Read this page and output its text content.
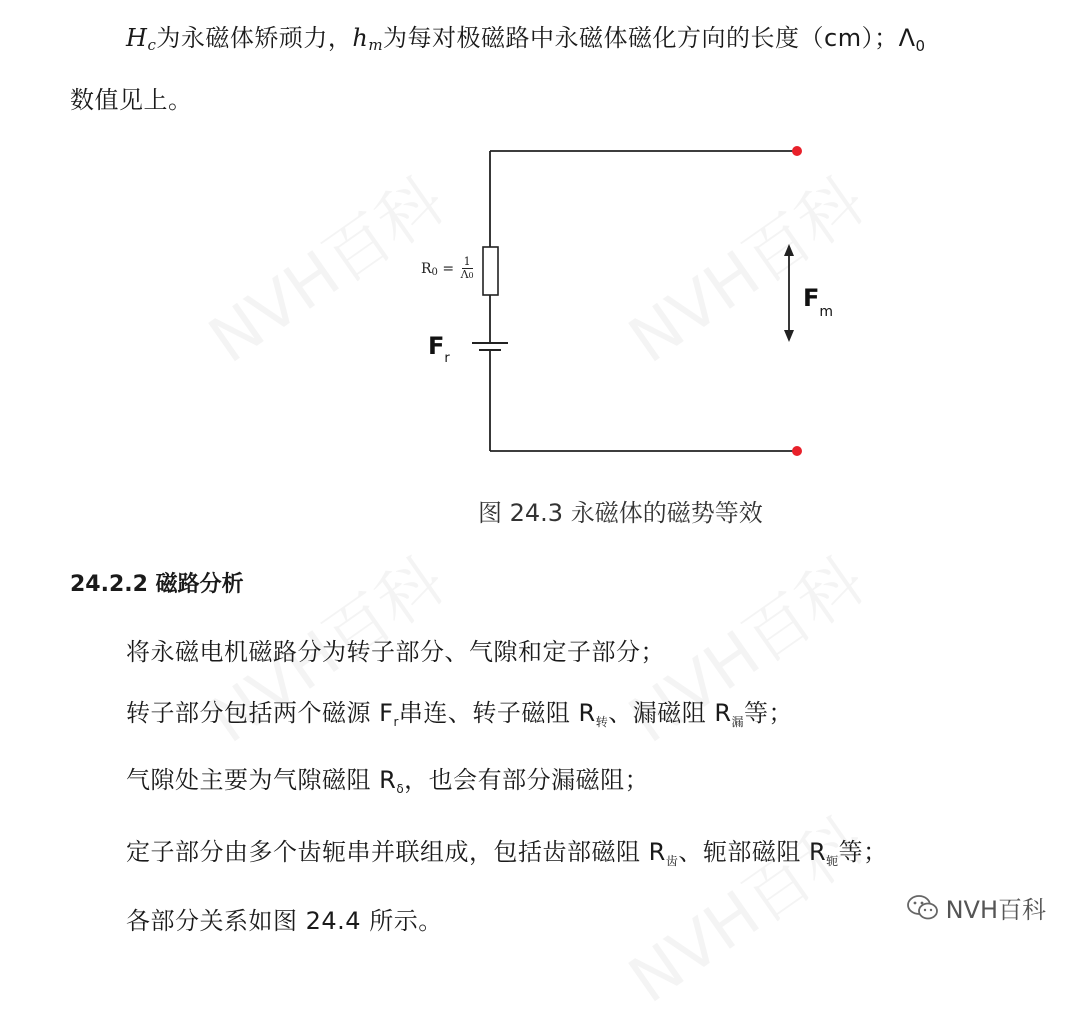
Hc为永磁体矫顽力，hm为每对极磁路中永磁体磁化方向的长度（cm）；$\Lambda_0$
数值见上。
R $0 = \frac{1}{\Lambda 0}$
$F_r$
$F_m$
图 24.3 永磁体的磁势等效
24.2.2 磁路分析
将永磁电机磁路分为转子部分、气隙和定子部分；
转子部分包括两个磁源 $F_r$串连、转子磁阻 $R_转$、漏磁阻 $R_漏$等；
气隙处主要为气隙磁阻 $R_\delta$，也会有部分漏磁阻；
定子部分由多个齿轭串并联组成，包括齿部磁阻 $R_齿$、轭部磁阻 $R_轭$等；
各部分关系如图 24.4 所示。	NVH百科
